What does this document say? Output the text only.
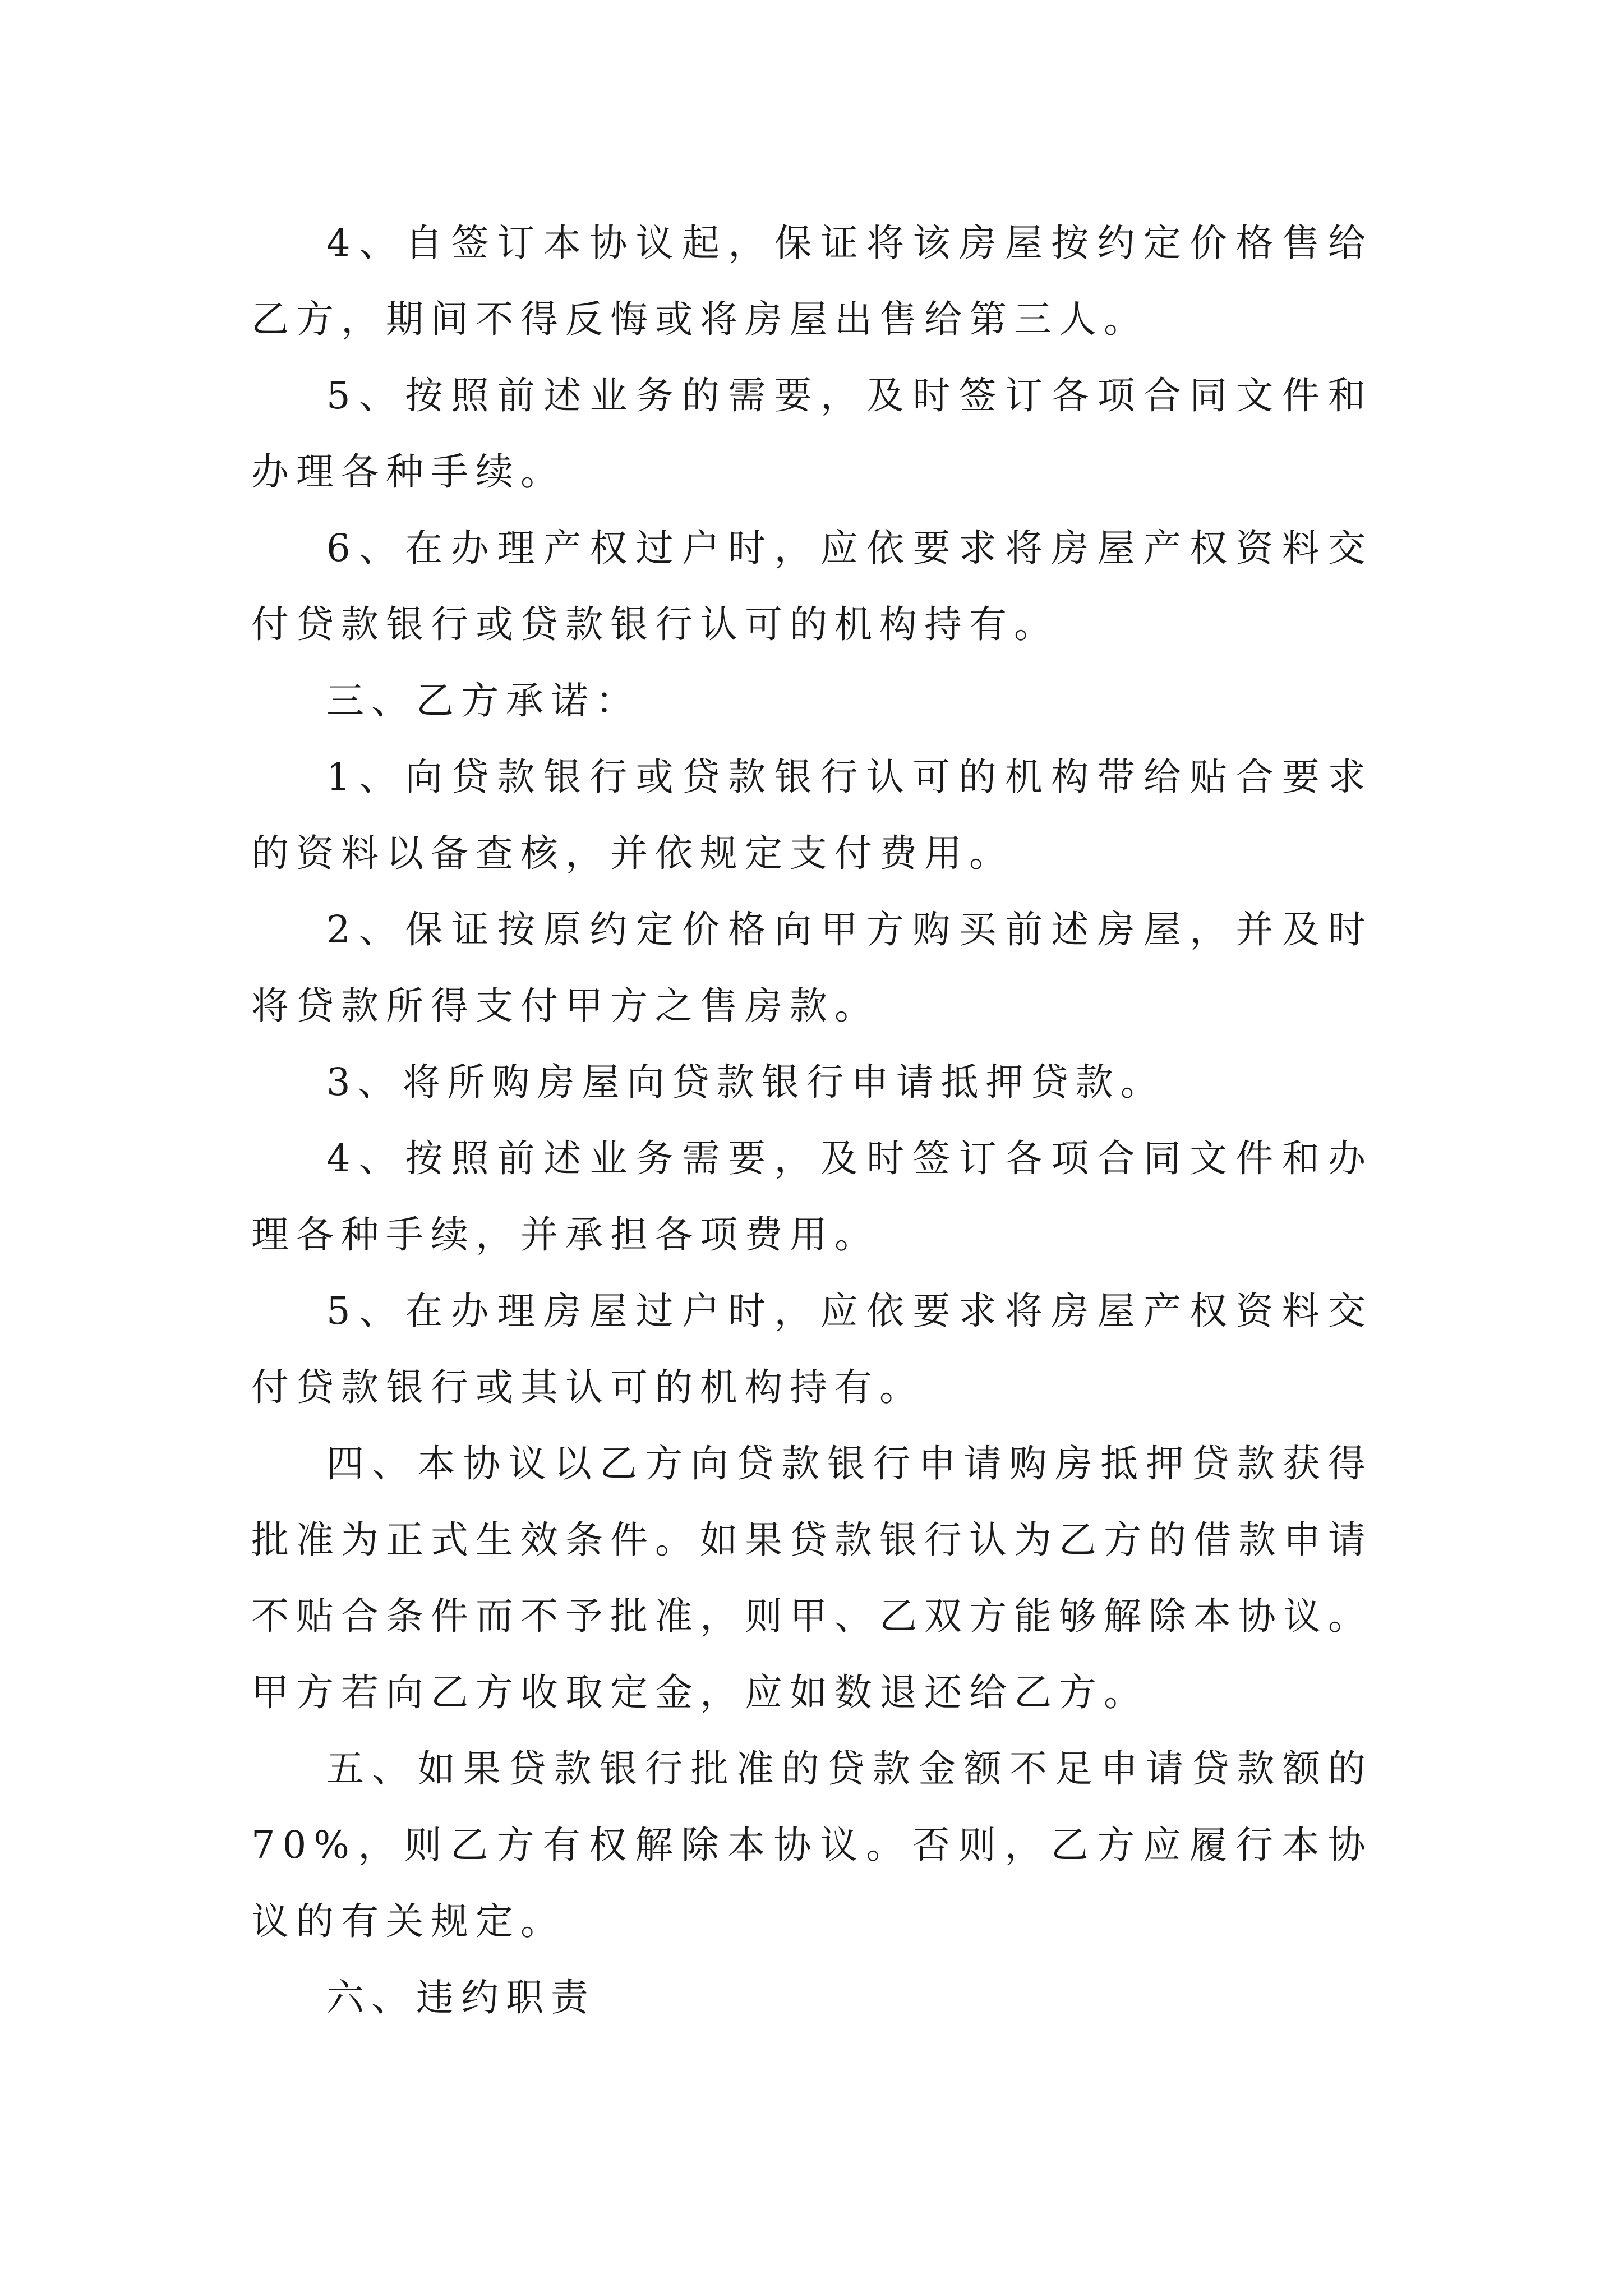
4、自签订本协议起，保证将该房屋按约定价格售给乙方，期间不得反悔或将房屋出售给第三人。

5、按照前述业务的需要，及时签订各项合同文件和办理各种手续。

6、在办理产权过户时，应依要求将房屋产权资料交付贷款银行或贷款银行认可的机构持有。

三、乙方承诺：

1、向贷款银行或贷款银行认可的机构带给贴合要求的资料以备查核，并依规定支付费用。

2、保证按原约定价格向甲方购买前述房屋，并及时将贷款所得支付甲方之售房款。

3、将所购房屋向贷款银行申请抵押贷款。

4、按照前述业务需要，及时签订各项合同文件和办理各种手续，并承担各项费用。

5、在办理房屋过户时，应依要求将房屋产权资料交付贷款银行或其认可的机构持有。

四、本协议以乙方向贷款银行申请购房抵押贷款获得批准为正式生效条件。如果贷款银行认为乙方的借款申请不贴合条件而不予批准，则甲、乙双方能够解除本协议。甲方若向乙方收取定金，应如数退还给乙方。

五、如果贷款银行批准的贷款金额不足申请贷款额的70%，则乙方有权解除本协议。否则，乙方应履行本协议的有关规定。

六、违约职责
